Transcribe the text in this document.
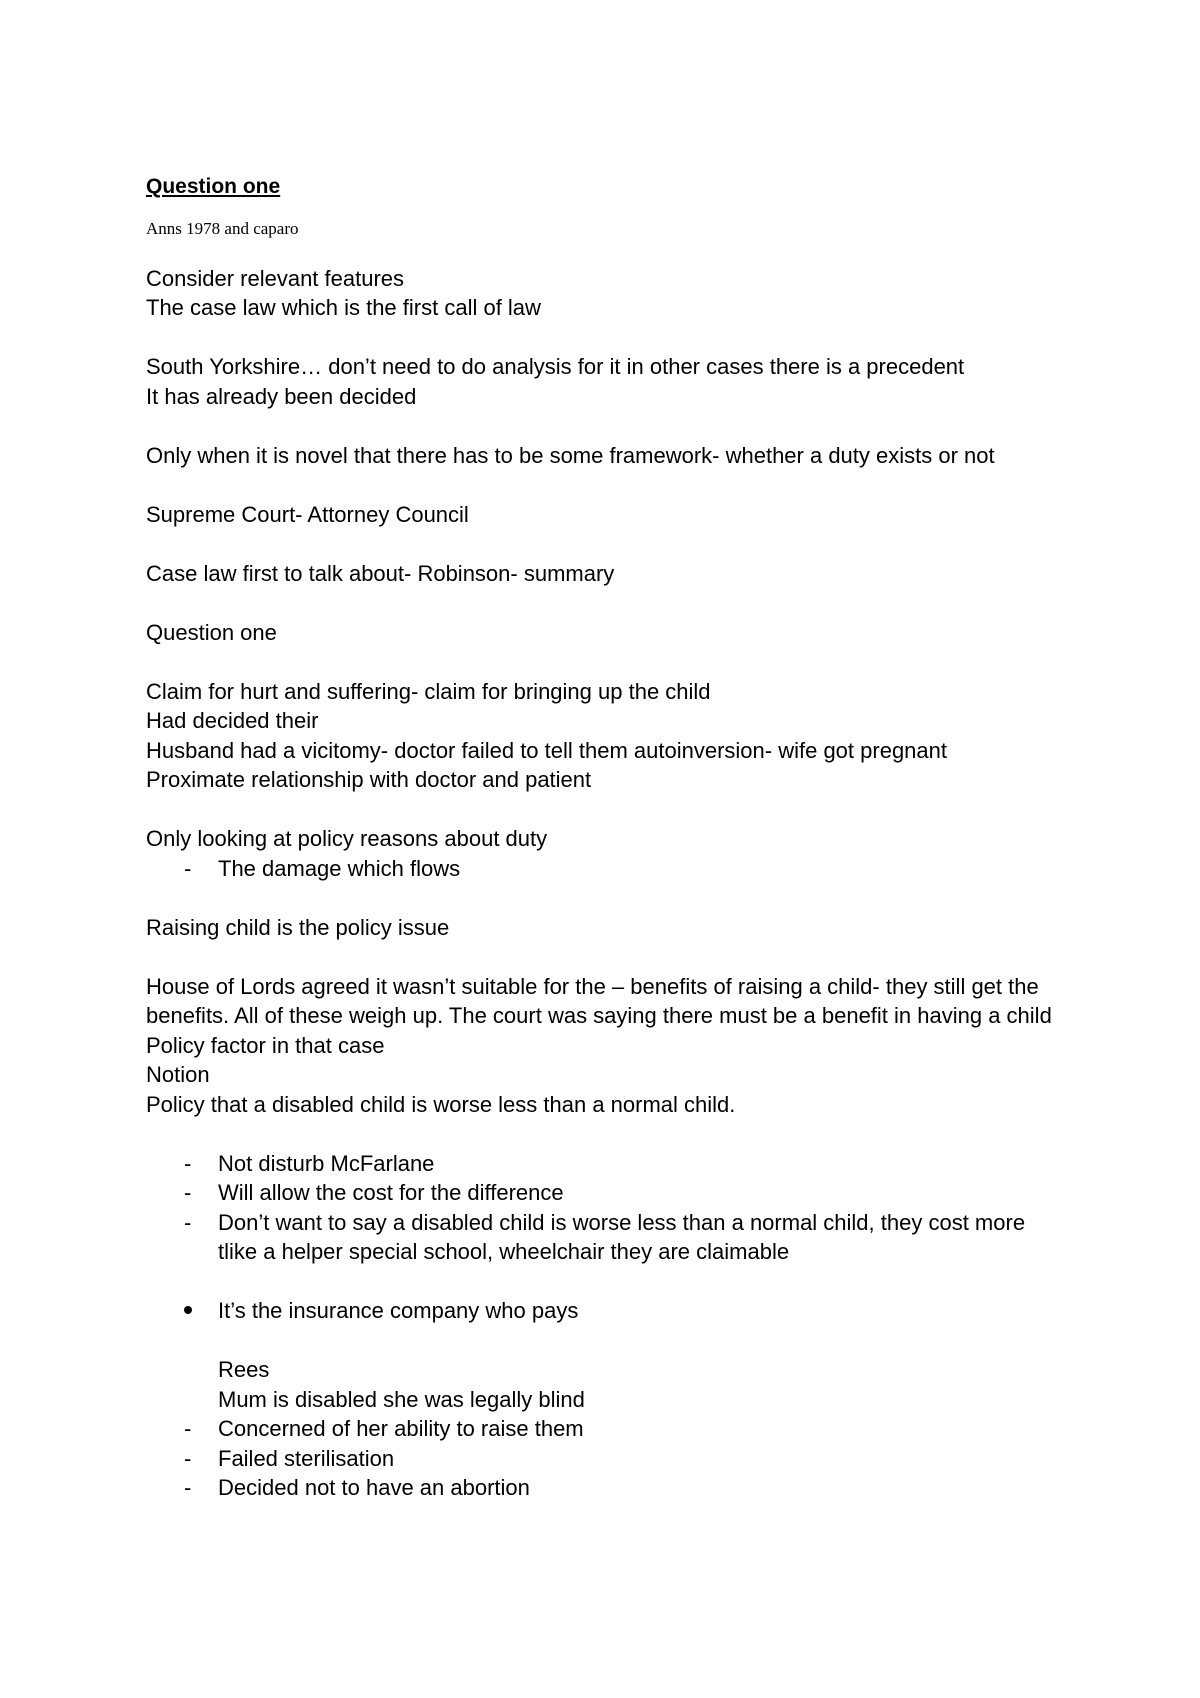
Question one

Anns 1978 and caparo

Consider relevant features

The case law which is the first call of law

South Yorkshire… don’t need to do analysis for it in other cases there is a precedent

It has already been decided

Only when it is novel that there has to be some framework- whether a duty exists or not

Supreme Court- Attorney Council

Case law first to talk about- Robinson- summary

Question one

Claim for hurt and suffering- claim for bringing up the child

Had decided their

Husband had a vicitomy- doctor failed to tell them autoinversion- wife got pregnant

Proximate relationship with doctor and patient

Only looking at policy reasons about duty

- The damage which flows

Raising child is the policy issue

House of Lords agreed it wasn’t suitable for the – benefits of raising a child- they still get the benefits. All of these weigh up. The court was saying there must be a benefit in having a child

Policy factor in that case

Notion

Policy that a disabled child is worse less than a normal child.

- Not disturb McFarlane
- Will allow the cost for the difference
- Don’t want to say a disabled child is worse less than a normal child, they cost more tlike a helper special school, wheelchair they are claimable
It’s the insurance company who pays

Rees

Mum is disabled she was legally blind

- Concerned of her ability to raise them
- Failed sterilisation
- Decided not to have an abortion
